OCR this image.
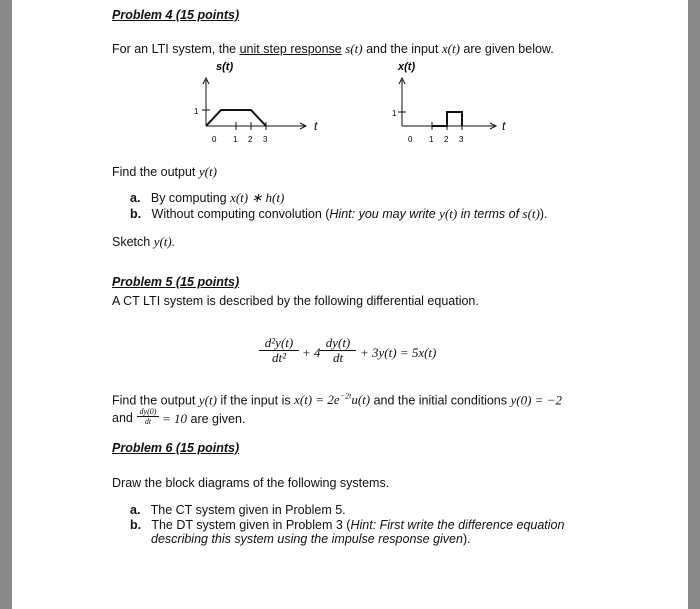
Problem 4 (15 points)
For an LTI system, the unit step response s(t) and the input x(t) are given below.
s(t)
1
0 1 2 3
t
x(t)
1
0 1 2 3
t
Find the output y(t)
a. By computing x(t) ∗ h(t)
b. Without computing convolution (Hint: you may write y(t) in terms of s(t)).
Sketch y(t).
Problem 5 (15 points)
A CT LTI system is described by the following differential equation.
$\frac{\text{d²y(t)}}{\text{dt²}} + 4 \frac{dy(t)}{dt} + 3y(t) = 5x(t)$
Find the output y(t) if the input is $x(t) = 2e^{-2t}u(t)$ and the initial conditions y(0) = −2
and $\frac{dy(0)}{dt} = 10$ are given.
Problem 6 (15 points)
Draw the block diagrams of the following systems.
a. The CT system given in Problem 5.
b. The DT system given in Problem 3 (Hint: First write the difference equation
describing this system using the impulse response given).
